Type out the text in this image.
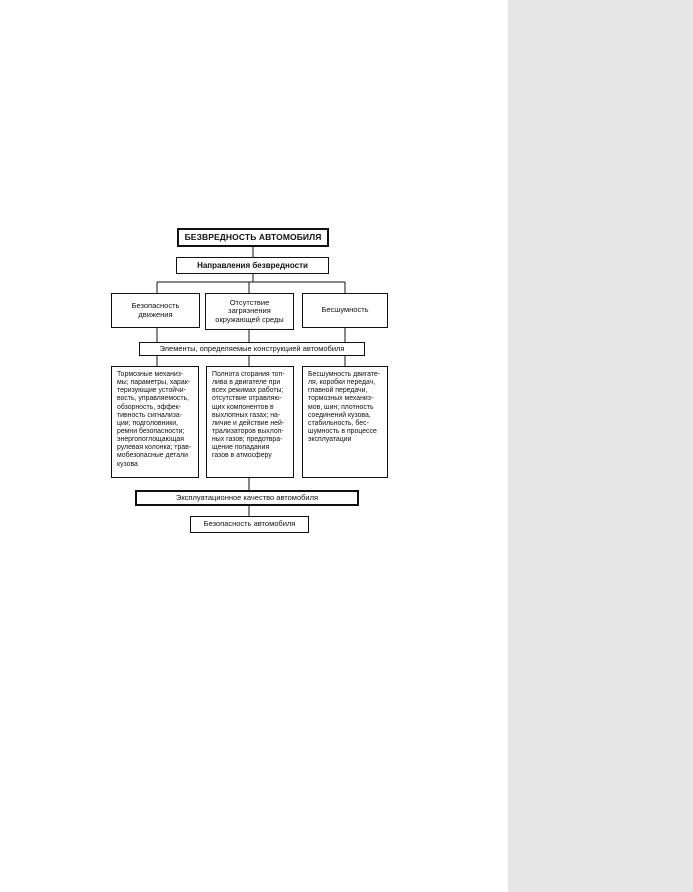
БЕЗВРЕДНОСТЬ АВТОМОБИЛЯ
Направления безвредности
Безопасность
движения
Отсутствие
загрязнения
окружающей среды
Бесшумность
Элементы, определяемые конструкцией автомобиля
Тормозные механиз-
мы; параметры, харак-
теризующие устойчи-
вость, управляемость,
обзорность, эффек-
тивность сигнализа-
ции; подголовники,
ремни безопасности;
энергопоглощающая
рулевая колонка; трав-
мобезопасные детали
кузова
Полнота сгорания топ-
лива в двигателе при
всех режимах работы;
отсутствие отравляю-
щих компонентов в
выхлопных газах; на-
личие и действие ней-
трализаторов выхлоп-
ных газов; предотвра-
щение попадания
газов в атмосферу
Бесшумность двигате-
ля, коробки передач,
главной передачи,
тормозных механиз-
мов, шин; плотность
соединений кузова,
стабильность, бес-
шумность в процессе
эксплуатации
Эксплуатационное качество автомобиля
Безопасность автомобиля
